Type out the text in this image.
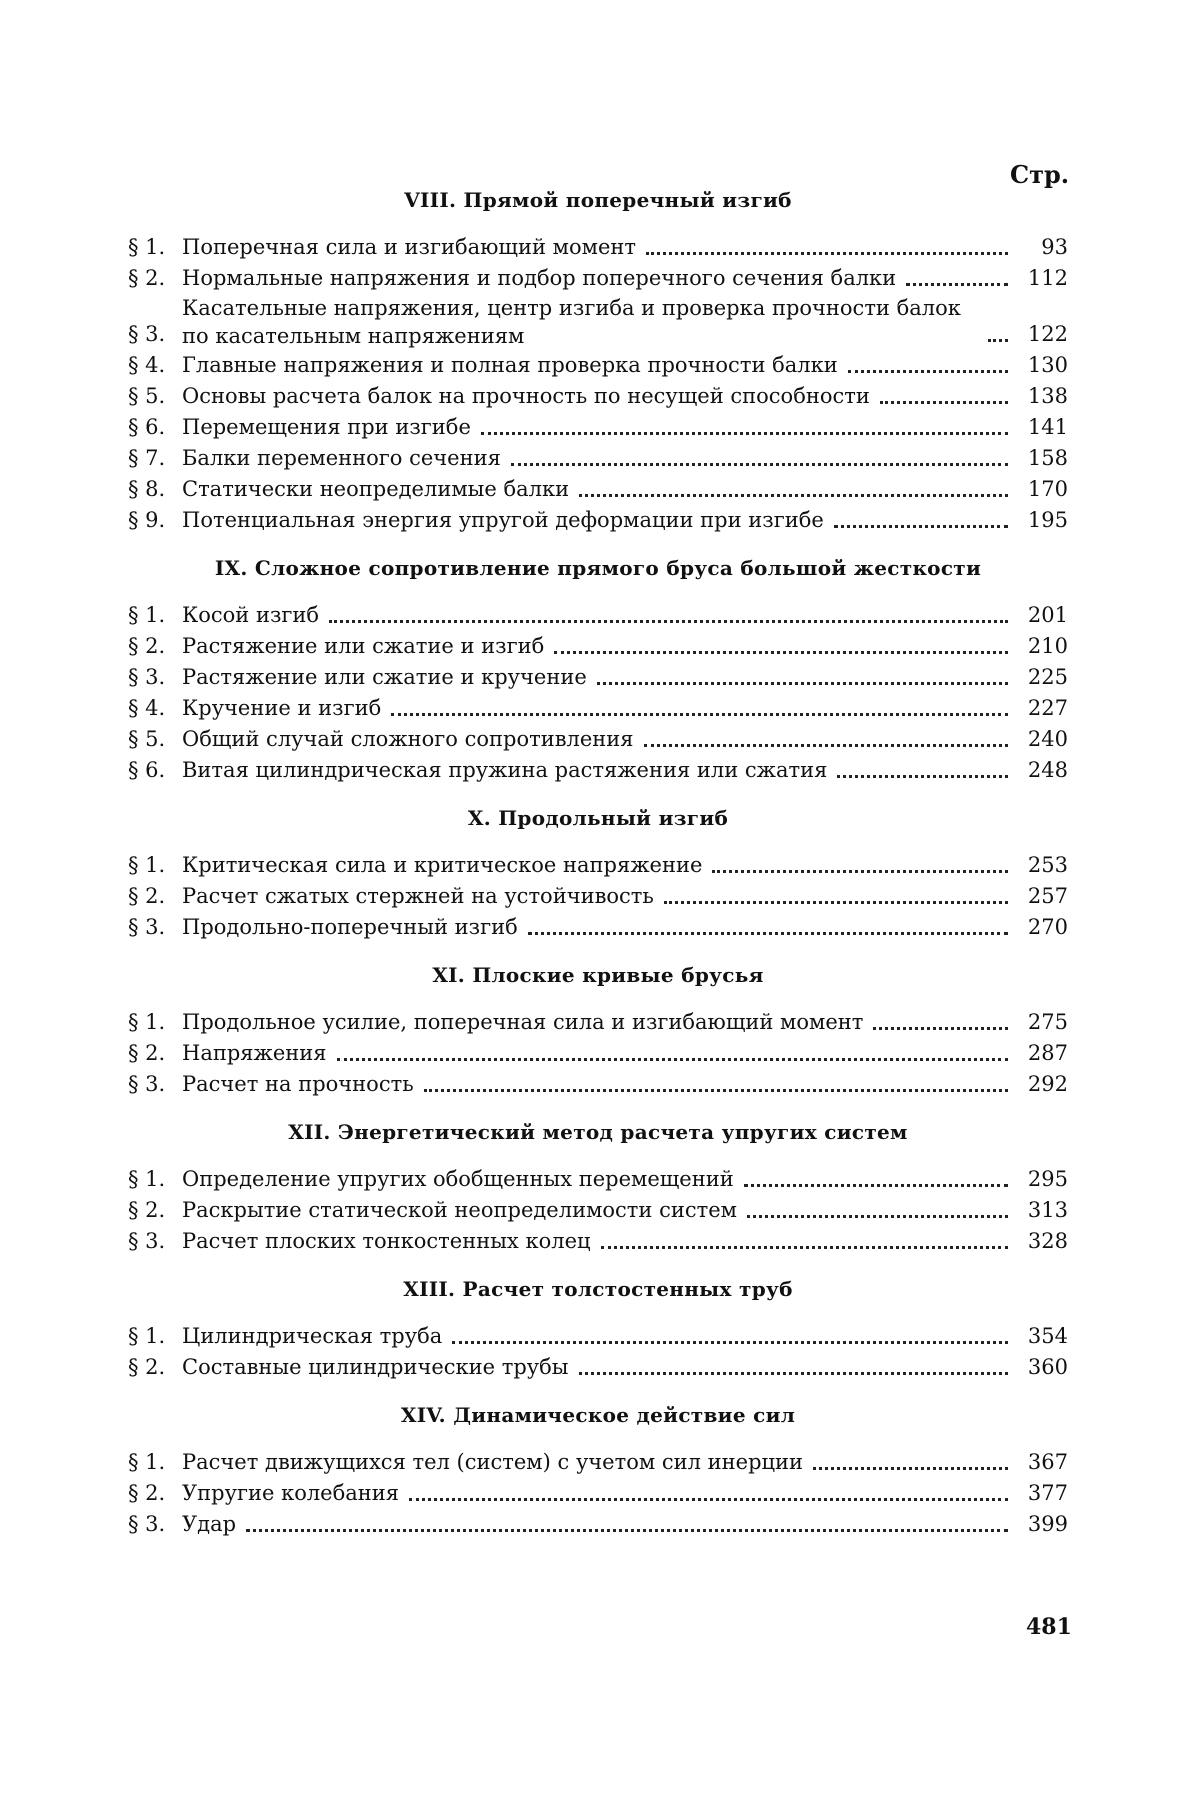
Стр.
VIII. Прямой поперечный изгиб
§ 1. Поперечная сила и изгибающий момент	93
§ 2. Нормальные напряжения и подбор поперечного сечения балки	112
§ 3.
Касательные напряжения, центр изгиба и проверка прочности балок по касательным напряжениям	122
§ 4. Главные напряжения и полная проверка прочности балки	130
§ 5. Основы расчета балок на прочность по несущей способности	138
§ 6. Перемещения при изгибе	141
§ 7. Балки переменного сечения	158
§ 8. Статически неопределимые балки	170
§ 9. Потенциальная энергия упругой деформации при изгибе	195
IX. Сложное сопротивление прямого бруса большой жесткости
§ 1. Косой изгиб	201
§ 2. Растяжение или сжатие и изгиб	210
§ 3. Растяжение или сжатие и кручение	225
§ 4. Кручение и изгиб	227
§ 5. Общий случай сложного сопротивления	240
§ 6. Витая цилиндрическая пружина растяжения или сжатия	248
X. Продольный изгиб
§ 1. Критическая сила и критическое напряжение	253
§ 2. Расчет сжатых стержней на устойчивость	257
§ 3. Продольно-поперечный изгиб	270
XI. Плоские кривые брусья
§ 1. Продольное усилие, поперечная сила и изгибающий момент	275
§ 2. Напряжения	287
§ 3. Расчет на прочность	292
XII. Энергетический метод расчета упругих систем
§ 1. Определение упругих обобщенных перемещений	295
§ 2. Раскрытие статической неопределимости систем	313
§ 3. Расчет плоских тонкостенных колец	328
XIII. Расчет толстостенных труб
§ 1. Цилиндрическая труба	354
§ 2. Составные цилиндрические трубы	360
XIV. Динамическое действие сил
§ 1. Расчет движущихся тел (систем) с учетом сил инерции	367
§ 2. Упругие колебания	377
§ 3. Удар	399
481
